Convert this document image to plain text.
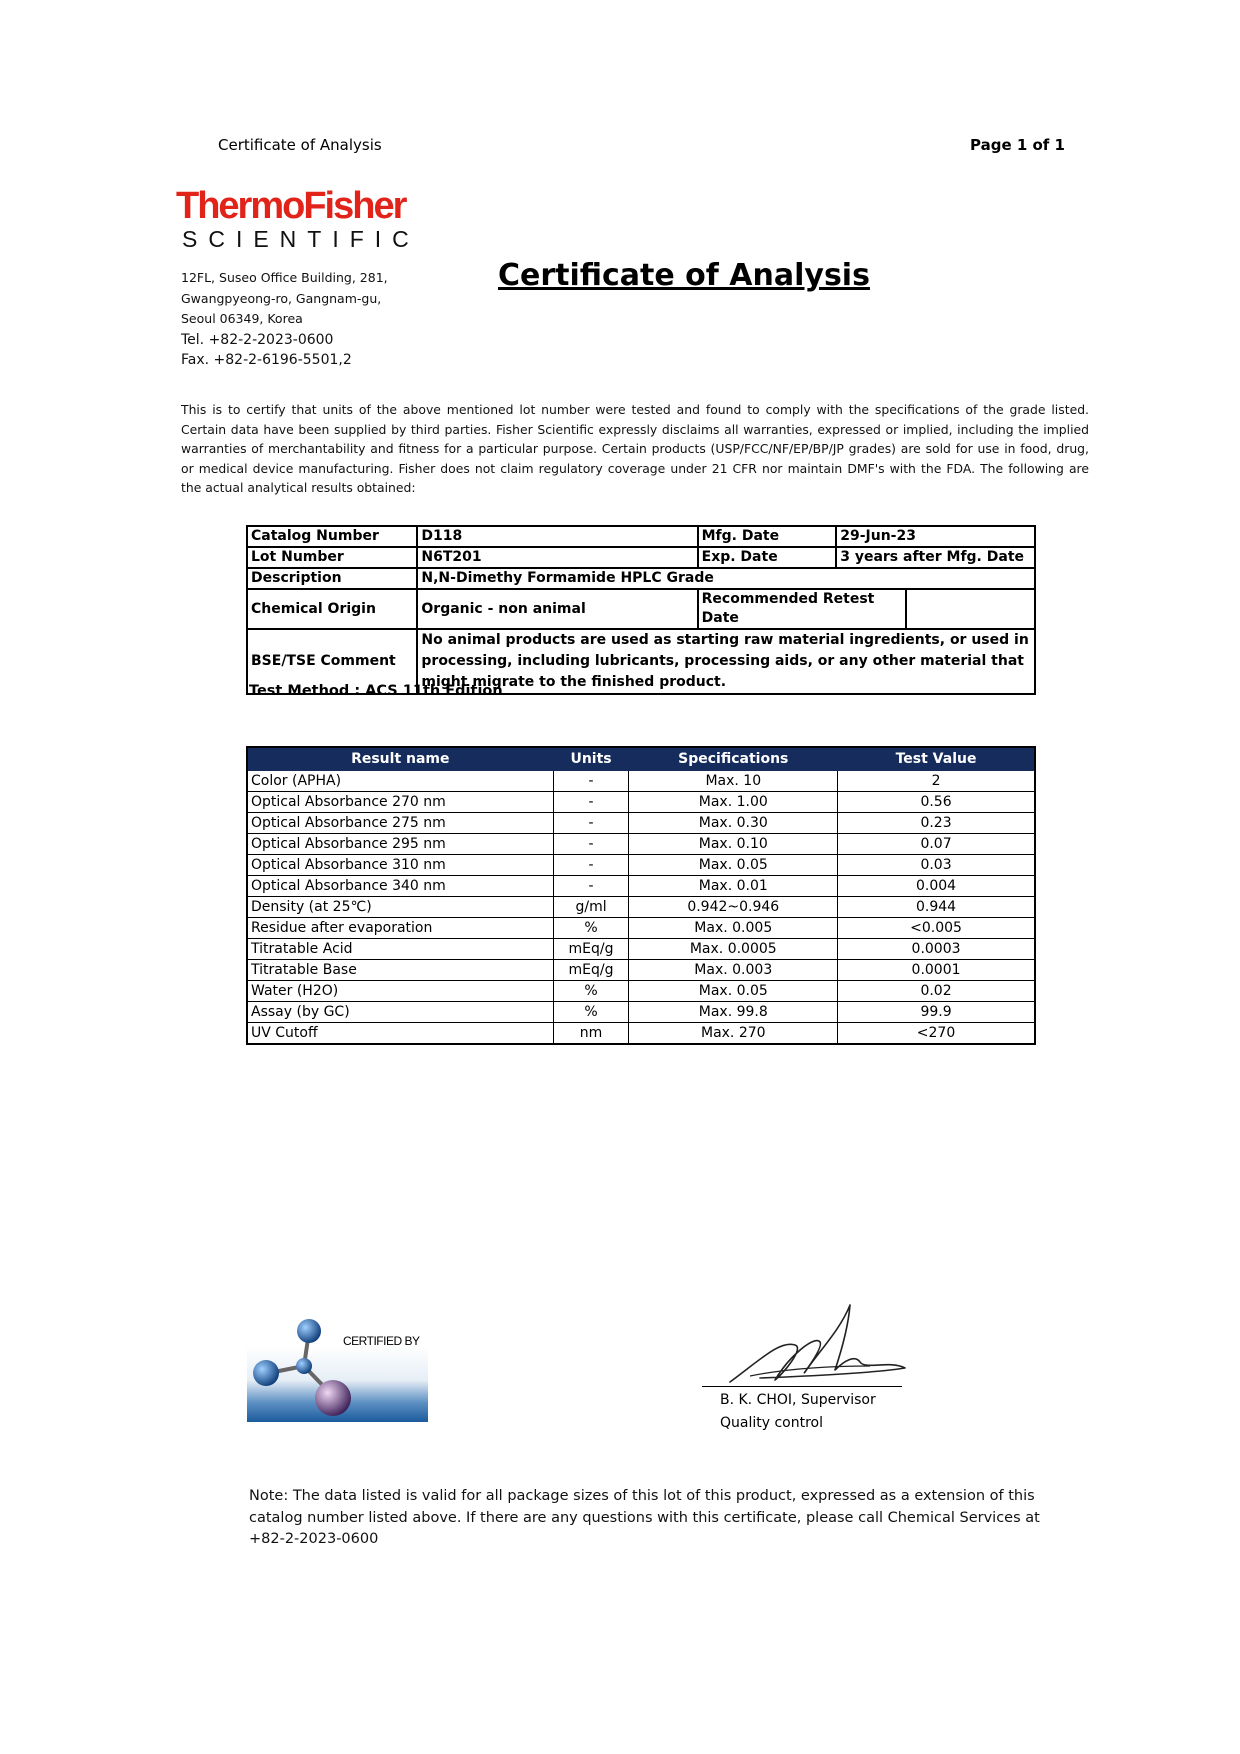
Certificate of Analysis	Page 1 of 1
ThermoFisher
SCIENTIFIC
12FL, Suseo Office Building, 281,
Gwangpyeong-ro, Gangnam-gu,
Seoul 06349, Korea
Tel. +82-2-2023-0600
Fax. +82-2-6196-5501,2
Certificate of Analysis
This is to certify that units of the above mentioned lot number were tested and found to comply with the specifications of the grade listed. Certain data have been supplied by third parties. Fisher Scientific expressly disclaims all warranties, expressed or implied, including the implied warranties of merchantability and fitness for a particular purpose. Certain products (USP/FCC/NF/EP/BP/JP grades) are sold for use in food, drug, or medical device manufacturing. Fisher does not claim regulatory coverage under 21 CFR nor maintain DMF's with the FDA. The following are the actual analytical results obtained:
Catalog Number	D118	Mfg. Date	29-Jun-23	
Lot Number	N6T201	Exp. Date	3 years after Mfg. Date	
Description	N,N-Dimethy Formamide HPLC Grade			
Chemical Origin	Organic - non animal	Recommended Retest Date		
BSE/TSE Comment	No animal products are used as starting raw material ingredients, or used in processing, including lubricants, processing aids, or any other material that might migrate to the finished product.			
Test Method : ACS 11th Edition
Result name	Units	Specifications	Test Value
Color (APHA)	-	Max. 10	2
Optical Absorbance 270 nm	-	Max. 1.00	0.56
Optical Absorbance 275 nm	-	Max. 0.30	0.23
Optical Absorbance 295 nm	-	Max. 0.10	0.07
Optical Absorbance 310 nm	-	Max. 0.05	0.03
Optical Absorbance 340 nm	-	Max. 0.01	0.004
Density (at 25℃)	g/ml	0.942~0.946	0.944
Residue after evaporation	%	Max. 0.005	<0.005
Titratable Acid	mEq/g	Max. 0.0005	0.0003
Titratable Base	mEq/g	Max. 0.003	0.0001
Water (H2O)	%	Max. 0.05	0.02
Assay (by GC)	%	Max. 99.8	99.9
UV Cutoff	nm	Max. 270	<270
CERTIFIED BY
B. K. CHOI, Supervisor
Quality control
Note: The data listed is valid for all package sizes of this lot of this product, expressed as a extension of this catalog number listed above. If there are any questions with this certificate, please call Chemical Services at +82-2-2023-0600
